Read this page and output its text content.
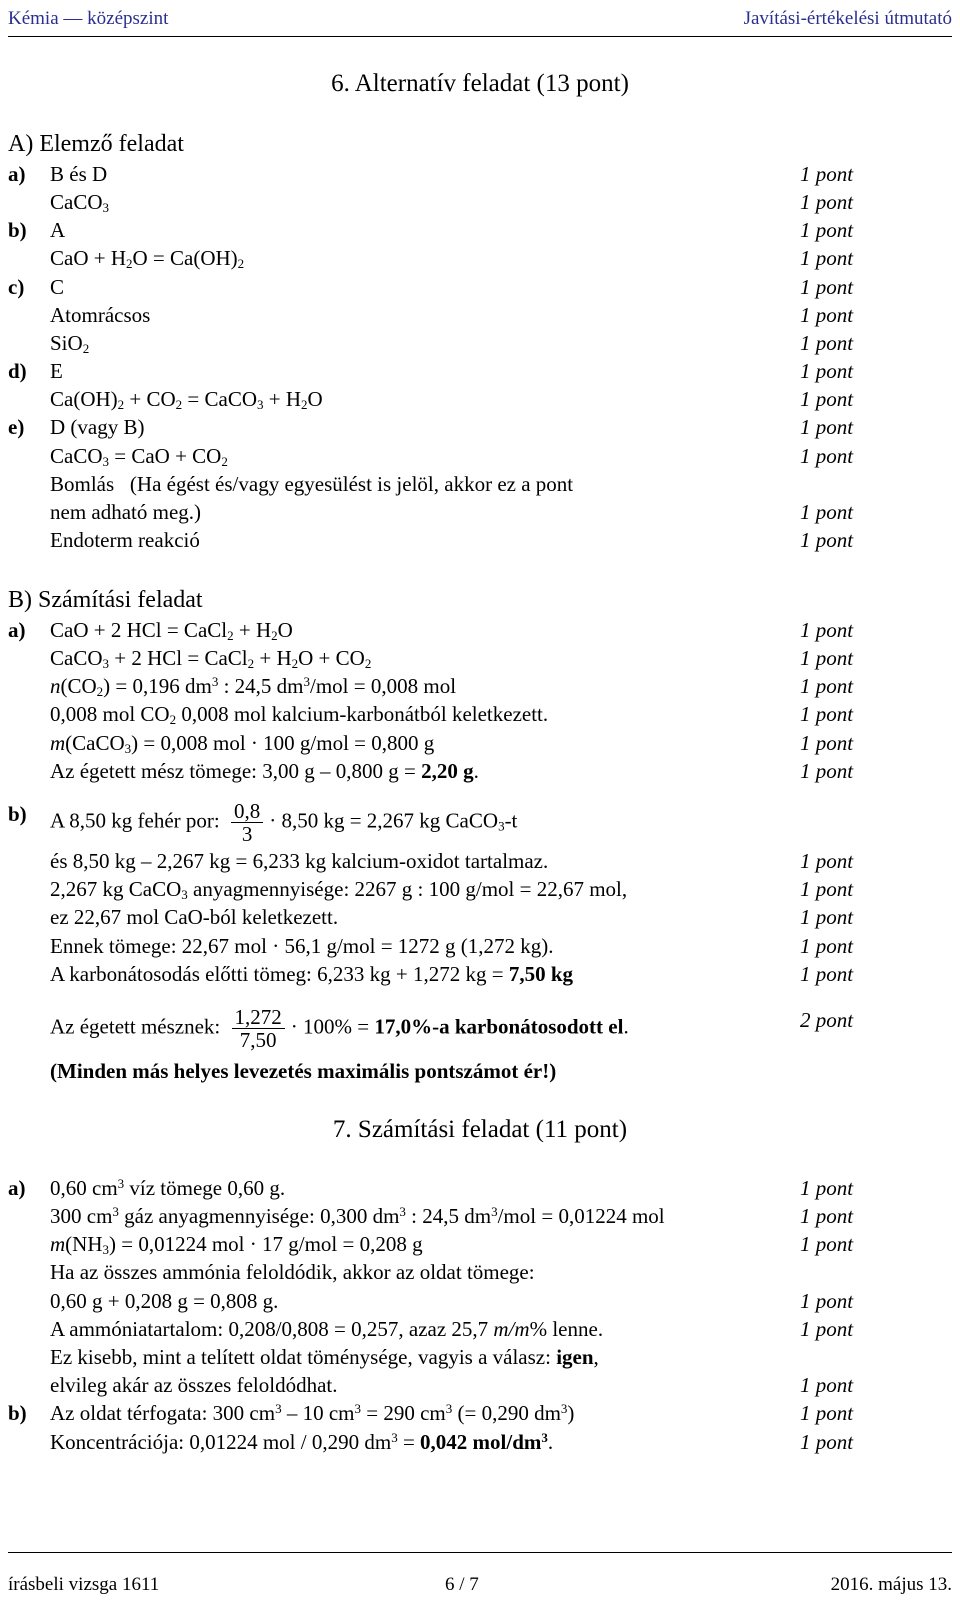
Kémia — középszint	Javítási-értékelési útmutató
6. Alternatív feladat (13 pont)
A) Elemző feladat
a) B és D	1 pont
CaCO$_3$	1 pont
b) A	1 pont
CaO + $H_2O = Ca(OH)_2$	1 pont
c) C	1 pont
Atomrácsos	1 pont
SiO$_2$	1 pont
d) E	1 pont
$Ca(OH)_2 + CO_2$ = CaCO$_3$ + $H_2O$	1 pont
e) D (vagy B)	1 pont
CaCO$_3$ = CaO + $CO_2$	1 pont
Bomlás   (Ha égést és/vagy egyesülést is jelöl, akkor ez a pont
nem adható meg.)	1 pont
Endoterm reakció	1 pont
B) Számítási feladat
a) CaO + 2 HCl = CaCl$_2$ + $H_2O$	1 pont
CaCO$_3$ + 2 HCl = CaCl$_2$ + $H_2O + CO_2$	1 pont
$n(CO_2) = 0,196$ $dm^3$ : 24,5 $dm^3$/mol = 0,008 mol	1 pont
0,008 mol $CO_2$ 0,008 mol kalcium-karbonátból keletkezett.	1 pont
m(CaCO$_3$) = 0,008 mol · 100 g/mol = 0,800 g	1 pont
Az égetett mész tömege: 3,00 g – 0,800 g = 2,20 g.	1 pont
b) A 8,50 kg fehér por: $\frac{0,8}{3} \cdot 8,50$ kg = 2,267 kg CaCO$_3$-t
és 8,50 kg – 2,267 kg = 6,233 kg kalcium-oxidot tartalmaz.	1 pont
2,267 kg CaCO$_3$ anyagmennyisége: 2267 g : 100 g/mol = 22,67 mol,	1 pont
ez 22,67 mol CaO-ból keletkezett.	1 pont
Ennek tömege: 22,67 mol · 56,1 g/mol = 1272 g (1,272 kg).	1 pont
A karbonátosodás előtti tömeg: 6,233 kg + 1,272 kg = 7,50 kg	1 pont
Az égetett mésznek: $\frac{1,272}{7,50} \cdot 100\% = 17,0\%-a$ karbonátosodott el.	2 pont
(Minden más helyes levezetés maximális pontszámot ér!)
7. Számítási feladat (11 pont)
a) 0,60 $cm^3$ víz tömege 0,60 g.	1 pont
300 $cm^3$ gáz anyagmennyisége: 0,300 $dm^3$ : 24,5 $dm^3$/mol = 0,01224 mol	1 pont
$m(NH_3) = 0,01224$ mol · 17 g/mol = 0,208 g	1 pont
Ha az összes ammónia feloldódik, akkor az oldat tömege:
0,60 g + 0,208 g = 0,808 g.	1 pont
A ammóniatartalom: 0,208/0,808 = 0,257, azaz 25,7 m/m% lenne.	1 pont
Ez kisebb, mint a telített oldat töménysége, vagyis a válasz: igen,
elvileg akár az összes feloldódhat.	1 pont
b) Az oldat térfogata: 300 $cm^3 - 10$ $cm^3 = 290$ $cm^3$ (= 0,290 $dm^3$)	1 pont
Koncentrációja: 0,01224 mol / 0,290 $dm^3 = 0,042$ mol/$dm^3$.	1 pont
írásbeli vizsga 1611	6 / 7	2016. május 13.
